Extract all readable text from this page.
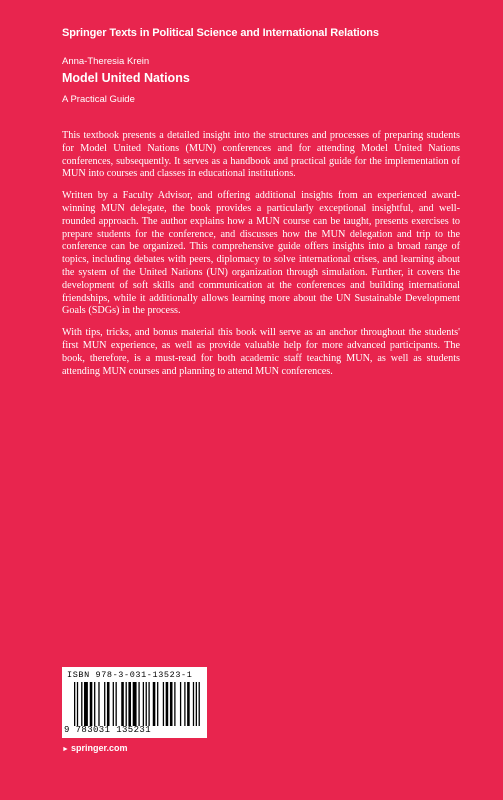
Springer Texts in Political Science and International Relations
Anna-Theresia Krein
Model United Nations
A Practical Guide

This textbook presents a detailed insight into the structures and processes of preparing students for Model United Nations (MUN) conferences and for attending Model United Nations conferences, subsequently. It serves as a handbook and practical guide for the implementation of MUN into courses and classes in educational institutions.

Written by a Faculty Advisor, and offering additional insights from an experienced award-winning MUN delegate, the book provides a particularly exceptional insightful, and well-rounded approach. The author explains how a MUN course can be taught, presents exercises to prepare students for the conference, and discusses how the MUN delegation and trip to the conference can be organized. This comprehensive guide offers insights into a broad range of topics, including debates with peers, diplomacy to solve international crises, and learning about the system of the United Nations (UN) organization through simulation. Further, it covers the development of soft skills and communication at the conferences and building international friendships, while it additionally allows learning more about the UN Sustainable Development Goals (SDGs) in the process.

With tips, tricks, and bonus material this book will serve as an anchor throughout the students' first MUN experience, as well as provide valuable help for more advanced participants. The book, therefore, is a must-read for both academic staff teaching MUN, as well as students attending MUN courses and planning to attend MUN conferences.

ISBN 978-3-031-13523-1
9 783031 135231
► springer.com
